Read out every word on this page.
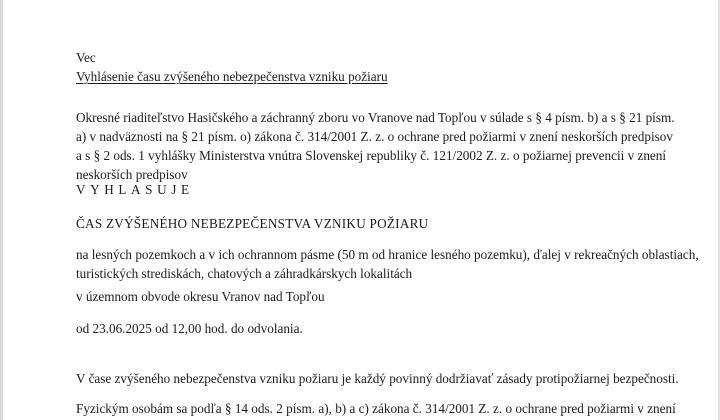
Vec

Vyhlásenie času zvýšeného nebezpečenstva vzniku požiaru

Okresné riaditeľstvo Hasičského a záchranný zboru vo Vranove nad Topľou v súlade s § 4 písm. b) a s § 21 písm.
a) v nadväznosti na § 21 písm. o) zákona č. 314/2001 Z. z. o ochrane pred požiarmi v znení neskorších predpisov
a s § 2 ods. 1 vyhlášky Ministerstva vnútra Slovenskej republiky č. 121/2002 Z. z. o požiarnej prevencii v znení
neskorších predpisov

VYHLASUJE

ČAS ZVÝŠENÉHO NEBEZPEČENSTVA VZNIKU POŽIARU

na lesných pozemkoch a v ich ochrannom pásme (50 m od hranice lesného pozemku), ďalej v rekreačných oblastiach,
turistických strediskách, chatových a záhradkárskych lokalitách

v územnom obvode okresu Vranov nad Topľou

od 23.06.2025 od 12,00 hod. do odvolania.

V čase zvýšeného nebezpečenstva vzniku požiaru je každý povinný dodržiavať zásady protipožiarnej bezpečnosti.

Fyzickým osobám sa podľa § 14 ods. 2 písm. a), b) a c) zákona č. 314/2001 Z. z. o ochrane pred požiarmi v znení
